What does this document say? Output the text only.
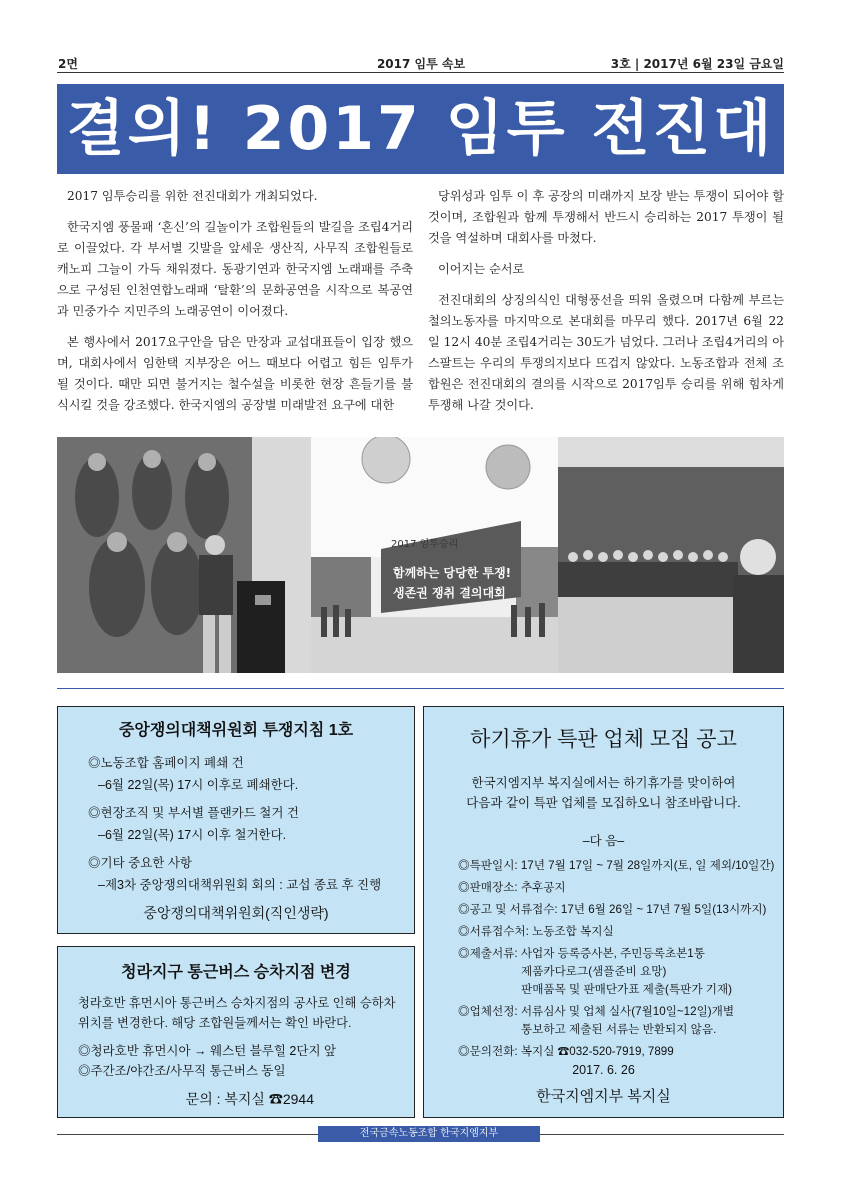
2면	2017 임투 속보	3호 | 2017년 6월 23일 금요일
결의! 2017 임투 전진대회

2017 임투승리를 위한 전진대회가 개최되었다.

한국지엠 풍물패 ‘혼신’의 길놀이가 조합원들의 발길을 조립4거리로 이끌었다. 각 부서별 깃발을 앞세운 생산직, 사무직 조합원들로 캐노피 그늘이 가득 채워졌다. 동광기연과 한국지엠 노래패를 주축으로 구성된 인천연합노래패 ‘탈환’의 문화공연을 시작으로 복공연과 민중가수 지민주의 노래공연이 이어졌다.

본 행사에서 2017요구안을 담은 만장과 교섭대표들이 입장 했으며, 대회사에서 임한택 지부장은 어느 때보다 어렵고 힘든 임투가 될 것이다. 때만 되면 불거지는 철수설을 비롯한 현장 흔들기를 불식시킬 것을 강조했다. 한국지엠의 공장별 미래발전 요구에 대한

당위성과 임투 이 후 공장의 미래까지 보장 받는 투쟁이 되어야 할 것이며, 조합원과 함께 투쟁해서 반드시 승리하는 2017 투쟁이 될 것을 역설하며 대회사를 마쳤다.

이어지는 순서로

전진대회의 상징의식인 대형풍선을 띄워 올렸으며 다함께 부르는 철의노동자를 마지막으로 본대회를 마무리 했다. 2017년 6월 22일 12시 40분 조립4거리는 30도가 넘었다. 그러나 조립4거리의 아스팔트는 우리의 투쟁의지보다 뜨겁지 않았다. 노동조합과 전체 조합원은 전진대회의 결의를 시작으로 2017임투 승리를 위해 힘차게 투쟁해 나갈 것이다.

2017 임투승리
함께하는 당당한 투쟁!
생존권 쟁취 결의대회
중앙쟁의대책위원회 투쟁지침 1호
◎노동조합 홈페이지 폐쇄 건
–6월 22일(목) 17시 이후로 폐쇄한다.
◎현장조직 및 부서별 플랜카드 철거 건
–6월 22일(목) 17시 이후 철거한다.
◎기타 중요한 사항
–제3차 중앙쟁의대책위원회 회의 : 교섭 종료 후 진행
중앙쟁의대책위원회(직인생략)
청라지구 통근버스 승차지점 변경
청라호반 휴먼시아 통근버스 승차지점의 공사로 인해 승하차
위치를 변경한다. 해당 조합원들께서는 확인 바란다.
◎청라호반 휴먼시아 → 웨스턴 블루힐 2단지 앞
◎주간조/야간조/사무직 통근버스 동일
문의 : 복지실 ☎2944
하기휴가 특판 업체 모집 공고
한국지엠지부 복지실에서는 하기휴가를 맞이하여
다음과 같이 특판 업체를 모집하오니 참조바랍니다.
–다 음–
◎특판일시: 17년 7월 17일 ~ 7월 28일까지(토, 일 제외/10일간)
◎판매장소: 추후공지
◎공고 및 서류접수: 17년 6월 26일 ~ 17년 7월 5일(13시까지)
◎서류접수처: 노동조합 복지실
◎제출서류: 사업자 등록증사본, 주민등록초본1통
제품카다로그(샘플준비 요망)
판매품목 및 판매단가표 제출(특판가 기재)
◎업체선정: 서류심사 및 업체 실사(7월10일~12일)개별
통보하고 제출된 서류는 반환되지 않음.
◎문의전화: 복지실 ☎032-520-7919, 7899
2017. 6. 26
한국지엠지부 복지실
전국금속노동조합 한국지엠지부
